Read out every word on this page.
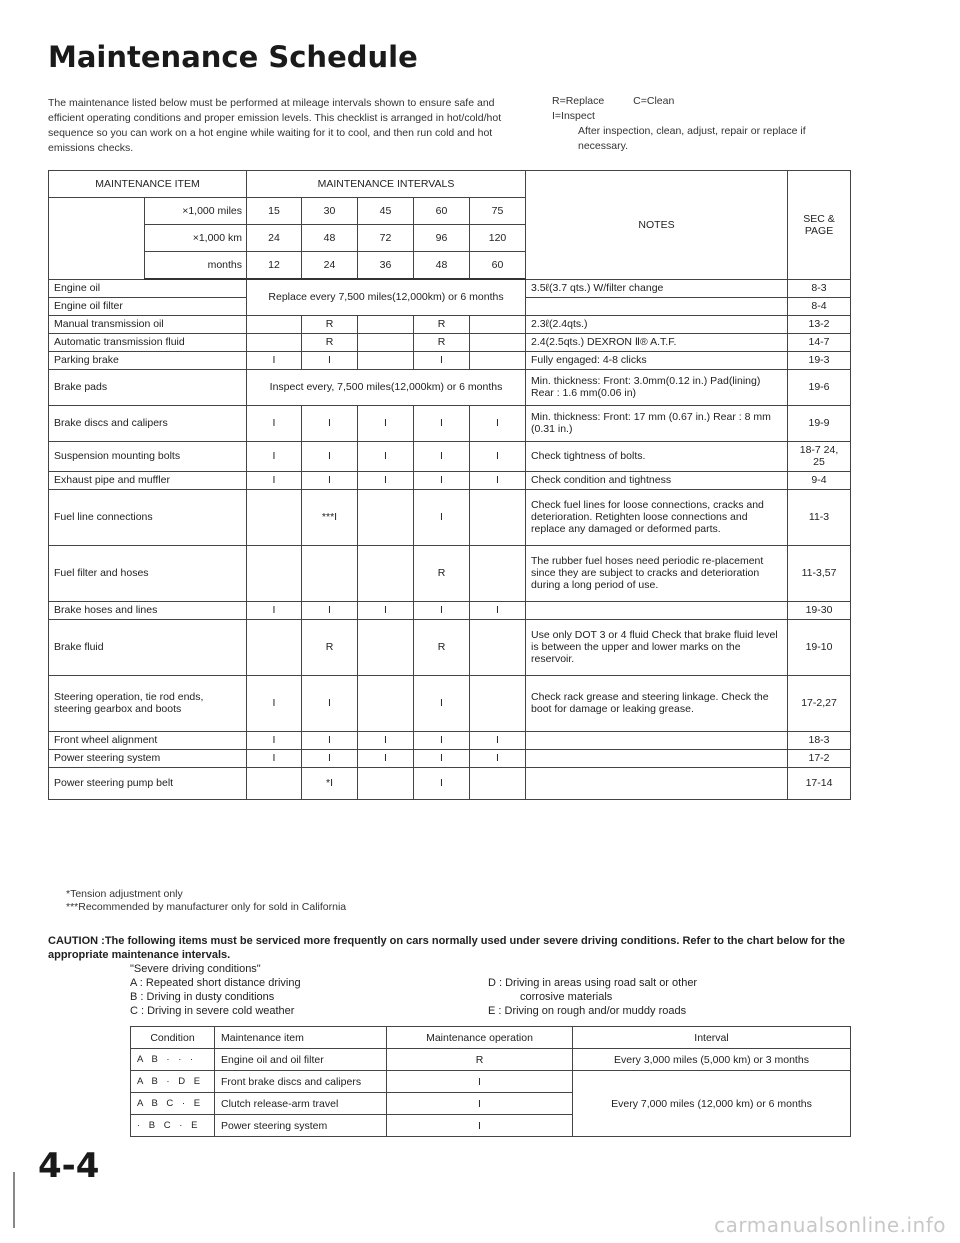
Maintenance Schedule

The maintenance listed below must be performed at mileage intervals shown to ensure safe and efficient operating conditions and proper emission levels. This checklist is arranged in hot/cold/hot sequence so you can work on a hot engine while waiting for it to cool, and then run cold and hot emissions checks.

R=Replace	C=Clean
I=Inspect
After inspection, clean, adjust, repair or replace if necessary.
MAINTENANCE ITEM		MAINTENANCE INTERVALS					NOTES	SEC & PAGE
	×1,000 miles	15	30	45	60	75		
	×1,000 km	24	48	72	96	120		
	months	12	24	36	48	60		
Engine oil		Replace every 7,500 miles(12,000km) or 6 months					3.5ℓ(3.7 qts.) W/filter change	8-3
Engine oil filter								8-4
Manual transmission oil			R		R		2.3ℓ(2.4qts.)	13-2
Automatic transmission fluid			R		R		2.4(2.5qts.) DEXRON Ⅱ® A.T.F.	14-7
Parking brake		I	I		I		Fully engaged: 4-8 clicks	19-3
Brake pads		Inspect every, 7,500 miles(12,000km) or 6 months					Min. thickness: Front: 3.0mm(0.12 in.) Pad(lining) Rear : 1.6 mm(0.06 in)	19-6
Brake discs and calipers		I	I	I	I	I	Min. thickness: Front: 17 mm (0.67 in.) Rear : 8 mm (0.31 in.)	19-9
Suspension mounting bolts		I	I	I	I	I	Check tightness of bolts.	18-7 24, 25
Exhaust pipe and muffler		I	I	I	I	I	Check condition and tightness	9-4
Fuel line connections			***I		I		Check fuel lines for loose connections, cracks and deterioration. Retighten loose connections and replace any damaged or deformed parts.	11-3
Fuel filter and hoses					R		The rubber fuel hoses need periodic re-placement since they are subject to cracks and deterioration during a long period of use.	11-3,57
Brake hoses and lines		I	I	I	I	I		19-30
Brake fluid			R		R		Use only DOT 3 or 4 fluid Check that brake fluid level is between the upper and lower marks on the reservoir.	19-10
Steering operation, tie rod ends, steering gearbox and boots		I	I		I		Check rack grease and steering linkage. Check the boot for damage or leaking grease.	17-2,27
Front wheel alignment		I	I	I	I	I		18-3
Power steering system		I	I	I	I	I		17-2
Power steering pump belt			*I		I			17-14
*Tension adjustment only
***Recommended by manufacturer only for sold in California
CAUTION :The following items must be serviced more frequently on cars normally used under severe driving conditions. Refer to the chart below for the appropriate maintenance intervals.
"Severe driving conditions"
A : Repeated short distance driving
B : Driving in dusty conditions
C : Driving in severe cold weather
D : Driving in areas using road salt or other
corrosive materials
E : Driving on rough and/or muddy roads
Condition	Maintenance item	Maintenance operation	Interval
A B · · ·	Engine oil and oil filter	R	Every 3,000 miles (5,000 km) or 3 months
A B · D E	Front brake discs and calipers	I	Every 7,000 miles (12,000 km) or 6 months
A B C · E	Clutch release-arm travel	I	
· B C · E	Power steering system	I	
4-4
carmanualsonline.info
